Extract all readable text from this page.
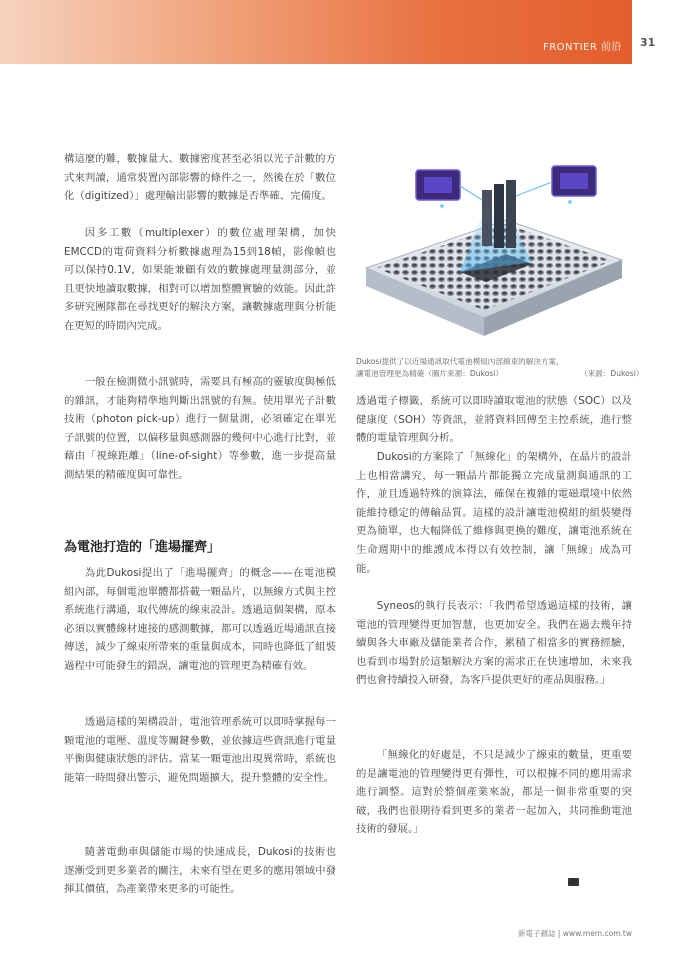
FRONTIER 前沿 31

構這麼的難，數據量大、數據密度甚至必須以光子計數的方式來判讀，通常裝置內部影響的條件之一，然後在於「數位化（digitized）」處理輸出影響的數據是否準確、完備度。

因多工數（multiplexer）的數位處理架構，加快EMCCD的電荷資料分析數據處理為15到18幀，影像幀也可以保持0.1V，如果能兼顧有效的數據處理量測部分，並且更快地讀取數據，相對可以增加整體實驗的效能。因此許多研究團隊都在尋找更好的解決方案，讓數據處理與分析能在更短的時間內完成。

一般在檢測微小訊號時，需要具有極高的靈敏度與極低的雜訊，才能夠精準地判斷出訊號的有無。使用單光子計數技術（photon pick-up）進行一個量測，必須確定在單光子訊號的位置，以偏移量與感測器的幾何中心進行比對，並藉由「視線距離」（line-of-sight）等參數，進一步提高量測結果的精確度與可靠性。

為電池打造的「進場擺齊」

為此Dukosi提出了「進場擺齊」的概念——在電池模組內部，每個電池單體都搭載一顆晶片，以無線方式與主控系統進行溝通，取代傳統的線束設計。透過這個架構，原本必須以實體線材連接的感測數據，都可以透過近場通訊直接傳送，減少了線束所帶來的重量與成本，同時也降低了組裝過程中可能發生的錯誤，讓電池的管理更為精確有效。

透過這樣的架構設計，電池管理系統可以即時掌握每一顆電池的電壓、溫度等關鍵參數，並依據這些資訊進行電量平衡與健康狀態的評估。當某一顆電池出現異常時，系統也能第一時間發出警示，避免問題擴大，提升整體的安全性。

隨著電動車與儲能市場的快速成長，Dukosi的技術也逐漸受到更多業者的關注，未來有望在更多的應用領域中發揮其價值，為產業帶來更多的可能性。

Dukosi提供了以近場通訊取代電池模組內部線束的解決方案，讓電池管理更為精確（圖片來源：Dukosi）	（來源：Dukosi）

透過電子標籤，系統可以即時讀取電池的狀態（SOC）以及健康度（SOH）等資訊，並將資料回傳至主控系統，進行整體的電量管理與分析。

Dukosi的方案除了「無線化」的架構外，在晶片的設計上也相當講究，每一顆晶片都能獨立完成量測與通訊的工作，並且透過特殊的演算法，確保在複雜的電磁環境中依然能維持穩定的傳輸品質。這樣的設計讓電池模組的組裝變得更為簡單，也大幅降低了維修與更換的難度，讓電池系統在生命週期中的維護成本得以有效控制，讓「無線」成為可能。

Syneos的執行長表示：「我們希望透過這樣的技術，讓電池的管理變得更加智慧，也更加安全。我們在過去幾年持續與各大車廠及儲能業者合作，累積了相當多的實務經驗，也看到市場對於這類解決方案的需求正在快速增加，未來我們也會持續投入研發，為客戶提供更好的產品與服務。」

「無線化的好處是，不只是減少了線束的數量，更重要的是讓電池的管理變得更有彈性，可以根據不同的應用需求進行調整。這對於整個產業來說，都是一個非常重要的突破，我們也很期待看到更多的業者一起加入，共同推動電池技術的發展。」

新電子雜誌 | www.mem.com.tw
